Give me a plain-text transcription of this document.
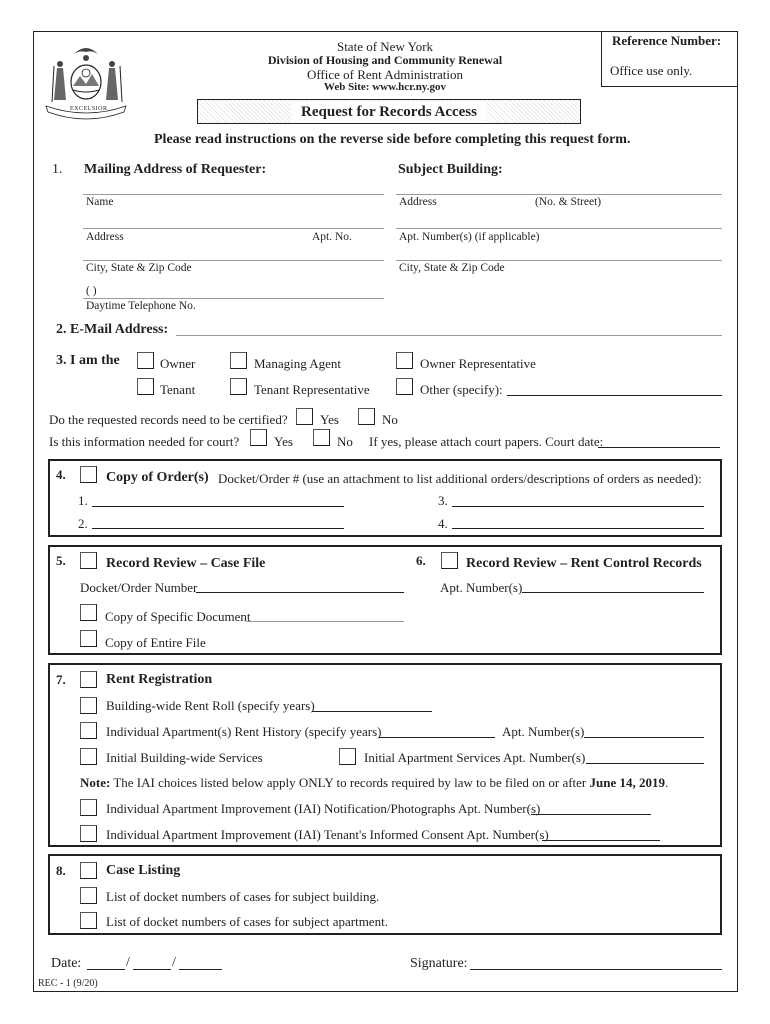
Reference Number:
Office use only.
EXCELSIOR
State of New York
Division of Housing and Community Renewal
Office of Rent Administration
Web Site: www.hcr.ny.gov
Request for Records Access
Please read instructions on the reverse side before completing this request form.
1. Mailing Address of Requester:	Subject Building:
Name
Address	Apt. No.
City, State & Zip Code
( )
Daytime Telephone No.
Address	(No. & Street)
Apt. Number(s) (if applicable)
City, State & Zip Code
2. E-Mail Address:
3. I am the	Owner	Managing Agent	Owner Representative
Tenant	Tenant Representative	Other (specify):
Do the requested records need to be certified? Yes	No
Is this information needed for court?	Yes	No If yes, please attach court papers. Court date:
4.	Copy of Order(s) Docket/Order # (use an attachment to list additional orders/descriptions of orders as needed):
1.
2.
3.
4.
5.	Record Review – Case File
Docket/Order Number
Copy of Specific Document
Copy of Entire File
6.	Record Review – Rent Control Records
Apt. Number(s)
7.	Rent Registration
Building-wide Rent Roll (specify years)
Individual Apartment(s) Rent History (specify years)	Apt. Number(s)
Initial Building-wide Services	Initial Apartment Services Apt. Number(s)
Note: The IAI choices listed below apply ONLY to records required by law to be filed on or after June 14, 2019.
Individual Apartment Improvement (IAI) Notification/Photographs Apt. Number(s)
Individual Apartment Improvement (IAI) Tenant's Informed Consent Apt. Number(s)
8.	Case Listing
List of docket numbers of cases for subject building.
List of docket numbers of cases for subject apartment.
Date:	/	/	Signature:
REC - 1 (9/20)
